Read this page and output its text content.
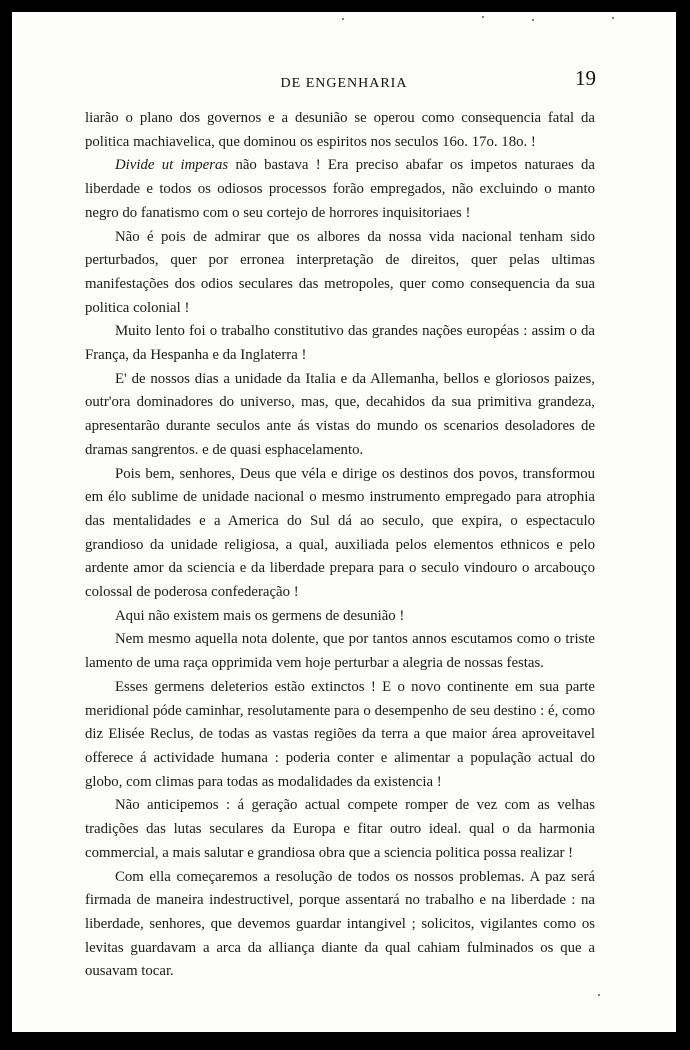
DE ENGENHARIA	19

liarão o plano dos governos e a desunião se operou como consequencia fatal da politica machiavelica, que dominou os espiritos nos seculos 16o. 17o. 18o. !

Divide ut imperas não bastava ! Era preciso abafar os impetos naturaes da liberdade e todos os odiosos processos forão empregados, não excluindo o manto negro do fanatismo com o seu cortejo de horrores inquisitoriaes !

Não é pois de admirar que os albores da nossa vida nacional tenham sido perturbados, quer por erronea interpretação de direitos, quer pelas ultimas manifestações dos odios seculares das metropoles, quer como consequencia da sua politica colonial !

Muito lento foi o trabalho constitutivo das grandes nações européas : assim o da França, da Hespanha e da Inglaterra !

E' de nossos dias a unidade da Italia e da Allemanha, bellos e gloriosos paizes, outr'ora dominadores do universo, mas, que, decahidos da sua primitiva grandeza, apresentarão durante seculos ante ás vistas do mundo os scenarios desoladores de dramas sangrentos. e de quasi esphacelamento.

Pois bem, senhores, Deus que véla e dirige os destinos dos povos, transformou em élo sublime de unidade nacional o mesmo instrumento empregado para atrophia das mentalidades e a America do Sul dá ao seculo, que expira, o espectaculo grandioso da unidade religiosa, a qual, auxiliada pelos elementos ethnicos e pelo ardente amor da sciencia e da liberdade prepara para o seculo vindouro o arcabouço colossal de poderosa confederação !

Aqui não existem mais os germens de desunião !

Nem mesmo aquella nota dolente, que por tantos annos escutamos como o triste lamento de uma raça opprimida vem hoje perturbar a alegria de nossas festas.

Esses germens deleterios estão extinctos ! E o novo continente em sua parte meridional póde caminhar, resolutamente para o desempenho de seu destino : é, como diz Elisée Reclus, de todas as vastas regiões da terra a que maior área aproveitavel offerece á actividade humana : poderia conter e alimentar a população actual do globo, com climas para todas as modalidades da existencia !

Não anticipemos : á geração actual compete romper de vez com as velhas tradições das lutas seculares da Europa e fitar outro ideal. qual o da harmonia commercial, a mais salutar e grandiosa obra que a sciencia politica possa realizar !

Com ella começaremos a resolução de todos os nossos problemas. A paz será firmada de maneira indestructivel, porque assentará no trabalho e na liberdade : na liberdade, senhores, que devemos guardar intangivel ; solicitos, vigilantes como os levitas guardavam a arca da alliança diante da qual cahiam fulminados os que a ousavam tocar.
